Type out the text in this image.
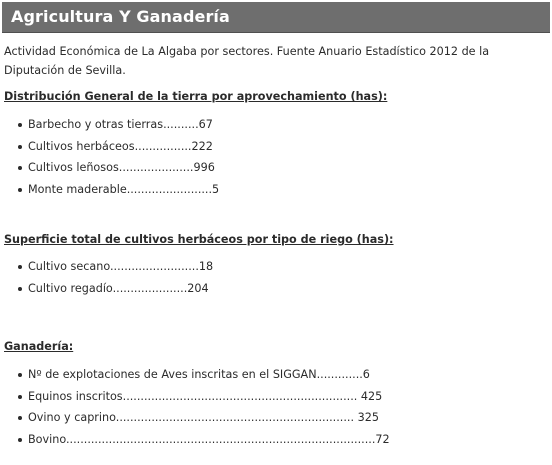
Agricultura Y Ganadería
Actividad Económica de La Algaba por sectores. Fuente Anuario Estadístico 2012 de la Diputación de Sevilla.
Distribución General de la tierra por aprovechamiento (has):
Barbecho y otras tierras..........67
Cultivos herbáceos................222
Cultivos leñosos.....................996
Monte maderable........................5
Superficie total de cultivos herbáceos por tipo de riego (has):
Cultivo secano.........................18
Cultivo regadío.....................204
Ganadería:
Nº de explotaciones de Aves inscritas en el SIGGAN.............6
Equinos inscritos.................................................................. 425
Ovino y caprino................................................................... 325
Bovino.......................................................................................72
